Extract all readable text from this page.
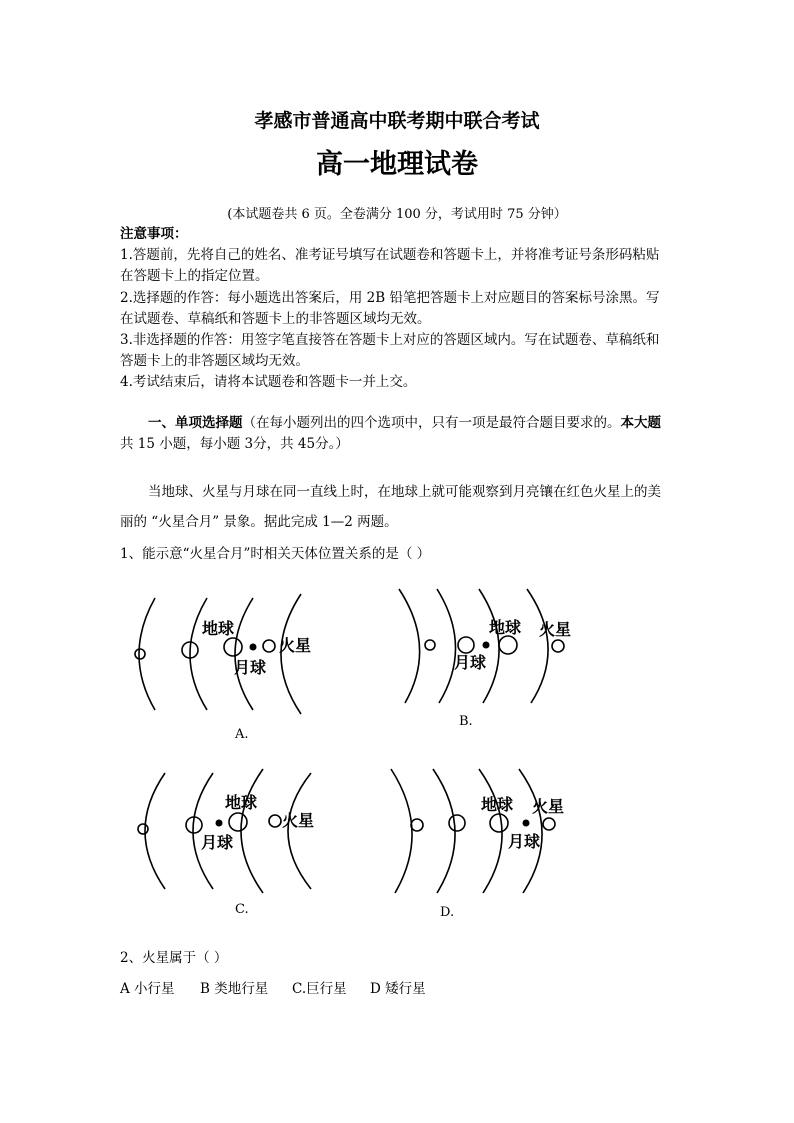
孝感市普通高中联考期中联合考试
高一地理试卷
(本试题卷共 6 页。全卷满分 100 分，考试用时 75 分钟）
注意事项：
1.答题前，先将自己的姓名、准考证号填写在试题卷和答题卡上，并将准考证号条形码粘贴
在答题卡上的指定位置。
2.选择题的作答：每小题选出答案后，用 2B 铅笔把答题卡上对应题目的答案标号涂黑。写
在试题卷、草稿纸和答题卡上的非答题区域均无效。
3.非选择题的作答：用签字笔直接答在答题卡上对应的答题区域内。写在试题卷、草稿纸和
答题卡上的非答题区域均无效。
4.考试结束后，请将本试题卷和答题卡一并上交。
一、单项选择题（在每小题列出的四个选项中，只有一项是最符合题目要求的。本大题
共 15 小题，每小题 3分，共 45分。）
当地球、火星与月球在同一直线上时，在地球上就可能观察到月亮镶在红色火星上的美
丽的 “火星合月” 景象。据此完成 1—2 两题。
1、能示意“火星合月”时相关天体位置关系的是（ ）
地球
月球
火星
A.
地球
月球
火星
B.
地球
月球
火星
C.
地球
月球
火星
D.
2、火星属于（ ）
A 小行星 B 类地行星 C.巨行星 D 矮行星
